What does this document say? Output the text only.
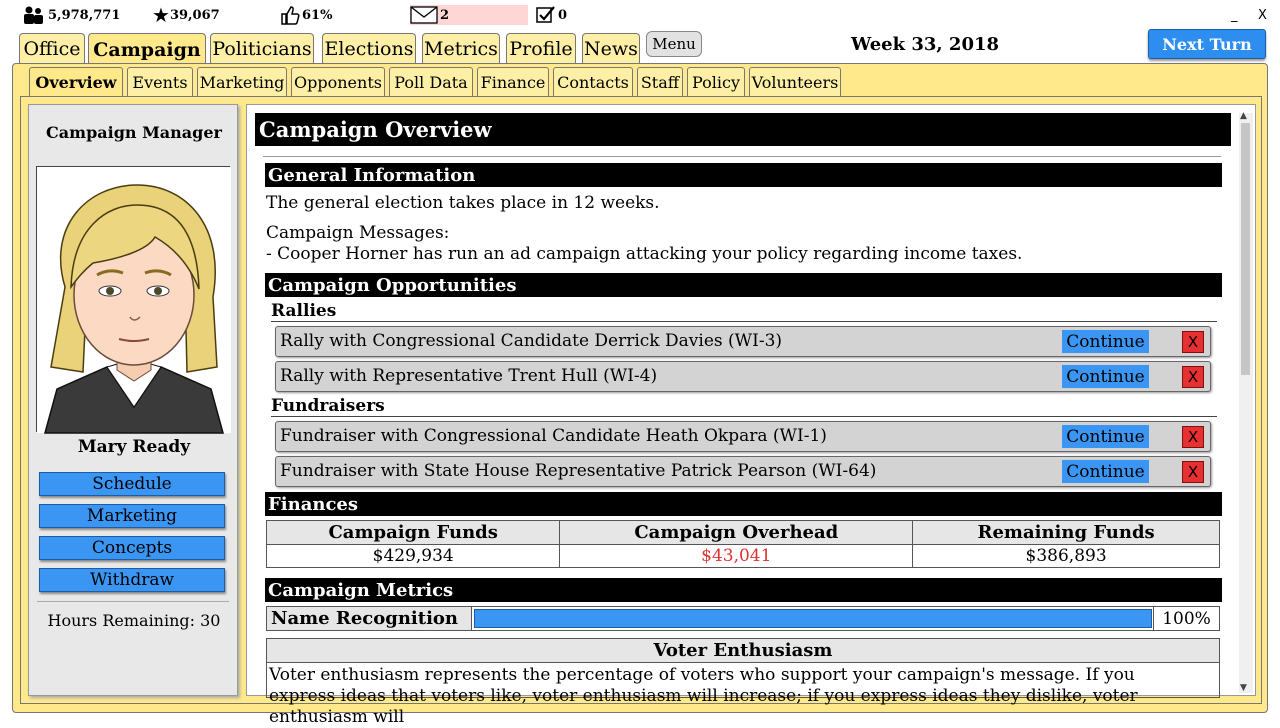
5,978,771 ★ 39,067	61%	2	0	_ X
Office Campaign Politicians Elections Metrics Profile News Menu	Week 33, 2018	Next Turn
Overview Events Marketing Opponents Poll Data Finance Contacts Staff Policy Volunteers
Campaign Manager
Mary Ready
Schedule
Marketing
Concepts
Withdraw
Hours Remaining: 30
Campaign Overview
General Information
The general election takes place in 12 weeks.
Campaign Messages:
- Cooper Horner has run an ad campaign attacking your policy regarding income taxes.
Campaign Opportunities
Rallies
Rally with Congressional Candidate Derrick Davies (WI-3)	Continue	X
Rally with Representative Trent Hull (WI-4)	Continue	X
Fundraisers
Fundraiser with Congressional Candidate Heath Okpara (WI-1)	Continue	X
Fundraiser with State House Representative Patrick Pearson (WI-64)	Continue	X
Finances
Campaign Funds	Campaign Overhead	Remaining Funds
$429,934	$43,041	$386,893
Campaign Metrics
Name Recognition	100%
Voter Enthusiasm
Voter enthusiasm represents the percentage of voters who support your campaign's message. If you express ideas that voters like, voter enthusiasm will increase; if you express ideas they dislike, voter enthusiasm will
▲
▼
